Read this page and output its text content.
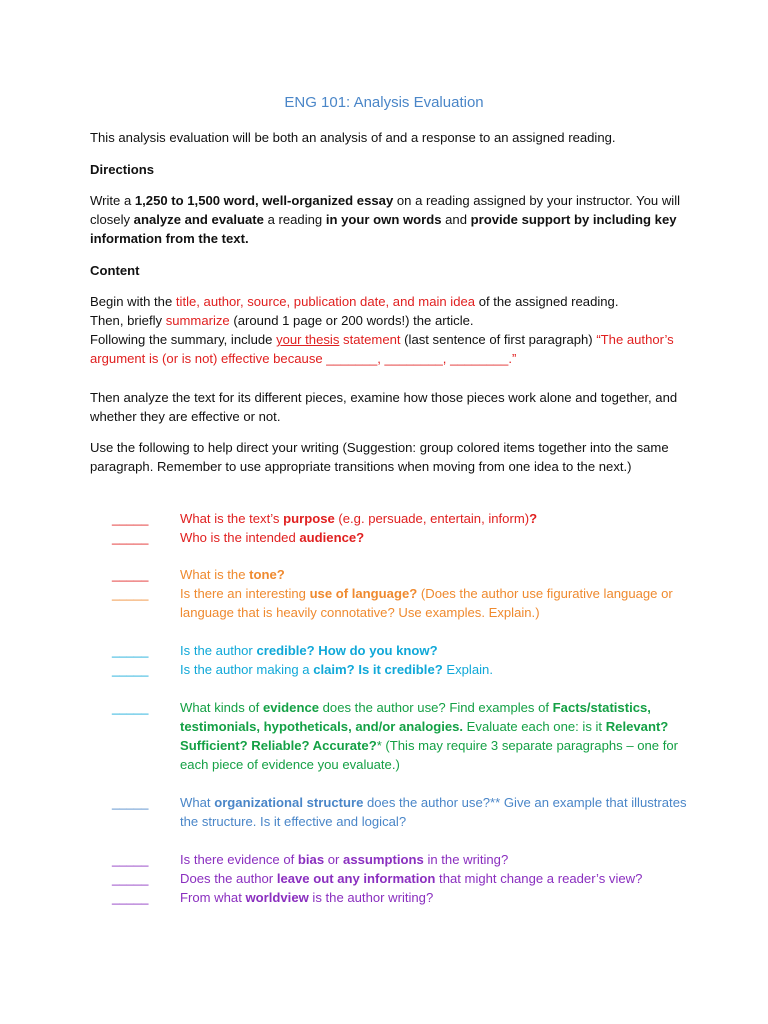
ENG 101: Analysis Evaluation

This analysis evaluation will be both an analysis of and a response to an assigned reading.

Directions

Write a 1,250 to 1,500 word, well-organized essay on a reading assigned by your instructor. You will closely analyze and evaluate a reading in your own words and provide support by including key information from the text.

Content

Begin with the title, author, source, publication date, and main idea of the assigned reading.
Then, briefly summarize (around 1 page or 200 words!) the article.
Following the summary, include your thesis statement (last sentence of first paragraph) “The author’s argument is (or is not) effective because _______, ________, ________.”

Then analyze the text for its different pieces, examine how those pieces work alone and together, and whether they are effective or not.

Use the following to help direct your writing (Suggestion: group colored items together into the same paragraph. Remember to use appropriate transitions when moving from one idea to the next.)

_____ What is the text’s purpose (e.g. persuade, entertain, inform)?
_____ Who is the intended audience?
_____ What is the tone?
_____ Is there an interesting use of language? (Does the author use figurative language or language that is heavily connotative? Use examples. Explain.)
_____ Is the author credible? How do you know?
_____ Is the author making a claim? Is it credible? Explain.
_____ What kinds of evidence does the author use? Find examples of Facts/statistics, testimonials, hypotheticals, and/or analogies. Evaluate each one: is it Relevant? Sufficient? Reliable? Accurate?* (This may require 3 separate paragraphs – one for each piece of evidence you evaluate.)
_____ What organizational structure does the author use?** Give an example that illustrates the structure. Is it effective and logical?
_____ Is there evidence of bias or assumptions in the writing?
_____ Does the author leave out any information that might change a reader’s view?
_____ From what worldview is the author writing?
